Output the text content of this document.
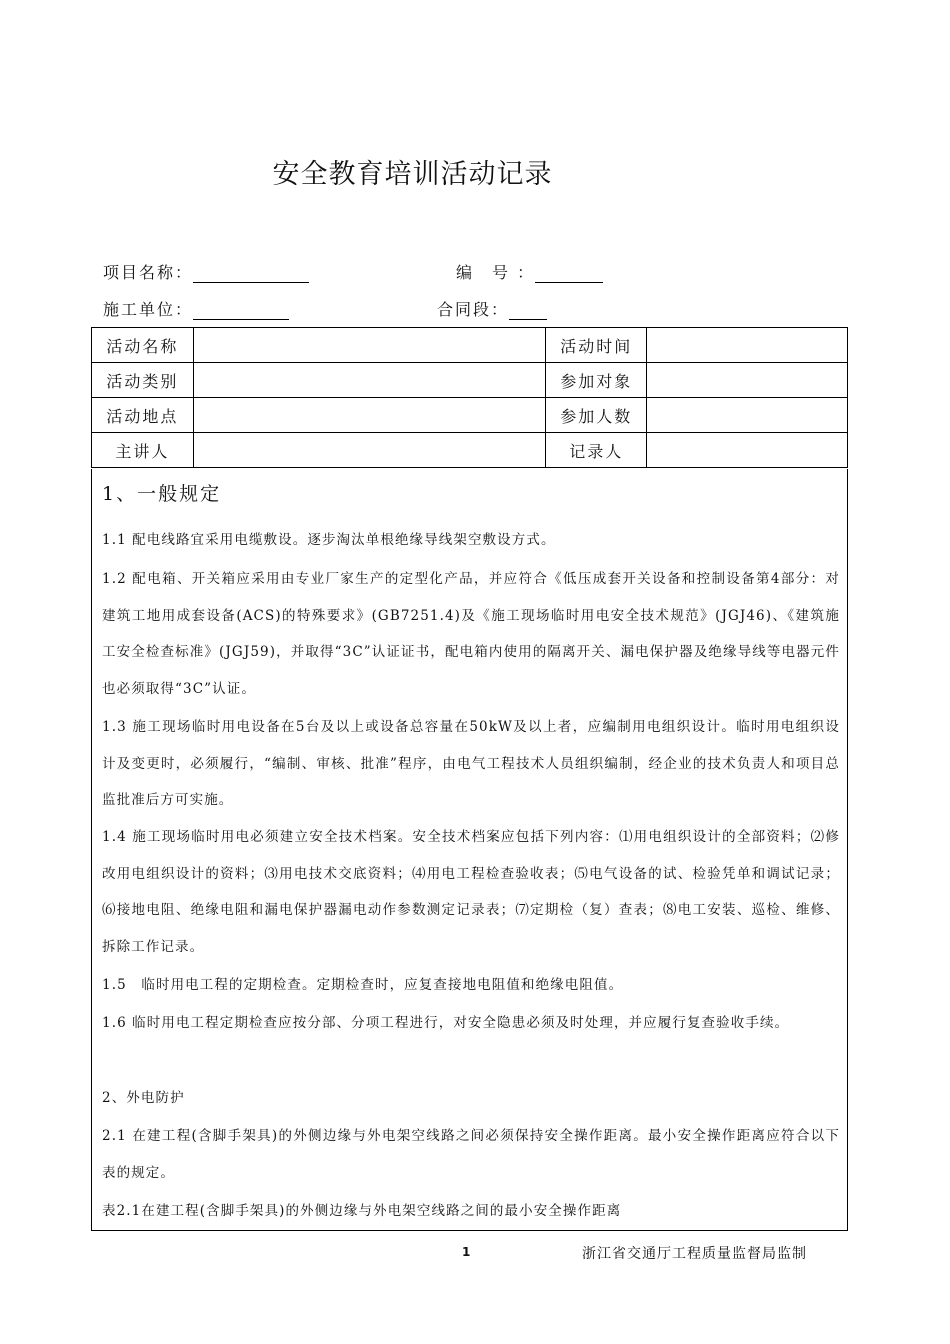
安全教育培训活动记录
项目名称：	编　号 ：
施工单位：	合同段：
活动名称		活动时间	
活动类别		参加对象	
活动地点		参加人数	
主讲人		记录人	
1、一般规定
1.1 配电线路宜采用电缆敷设。逐步淘汰单根绝缘导线架空敷设方式。
1.2 配电箱、开关箱应采用由专业厂家生产的定型化产品，并应符合《低压成套开关设备和控制设备第4部分：对建筑工地用成套设备(ACS)的特殊要求》(GB7251.4)及《施工现场临时用电安全技术规范》(JGJ46)、《建筑施工安全检查标准》(JGJ59)，并取得“3C”认证证书，配电箱内使用的隔离开关、漏电保护器及绝缘导线等电器元件也必须取得“3C”认证。
1.3 施工现场临时用电设备在5台及以上或设备总容量在50kW及以上者，应编制用电组织设计。临时用电组织设计及变更时，必须履行，“编制、审核、批准”程序，由电气工程技术人员组织编制，经企业的技术负责人和项目总监批准后方可实施。
1.4 施工现场临时用电必须建立安全技术档案。安全技术档案应包括下列内容：⑴用电组织设计的全部资料；⑵修改用电组织设计的资料；⑶用电技术交底资料；⑷用电工程检查验收表；⑸电气设备的试、检验凭单和调试记录；⑹接地电阻、绝缘电阻和漏电保护器漏电动作参数测定记录表；⑺定期检（复）查表；⑻电工安装、巡检、维修、拆除工作记录。
1.5　临时用电工程的定期检查。定期检查时，应复查接地电阻值和绝缘电阻值。
1.6 临时用电工程定期检查应按分部、分项工程进行，对安全隐患必须及时处理，并应履行复查验收手续。
2、外电防护
2.1 在建工程(含脚手架具)的外侧边缘与外电架空线路之间必须保持安全操作距离。最小安全操作距离应符合以下表的规定。
表2.1在建工程(含脚手架具)的外侧边缘与外电架空线路之间的最小安全操作距离
1	浙江省交通厅工程质量监督局监制
